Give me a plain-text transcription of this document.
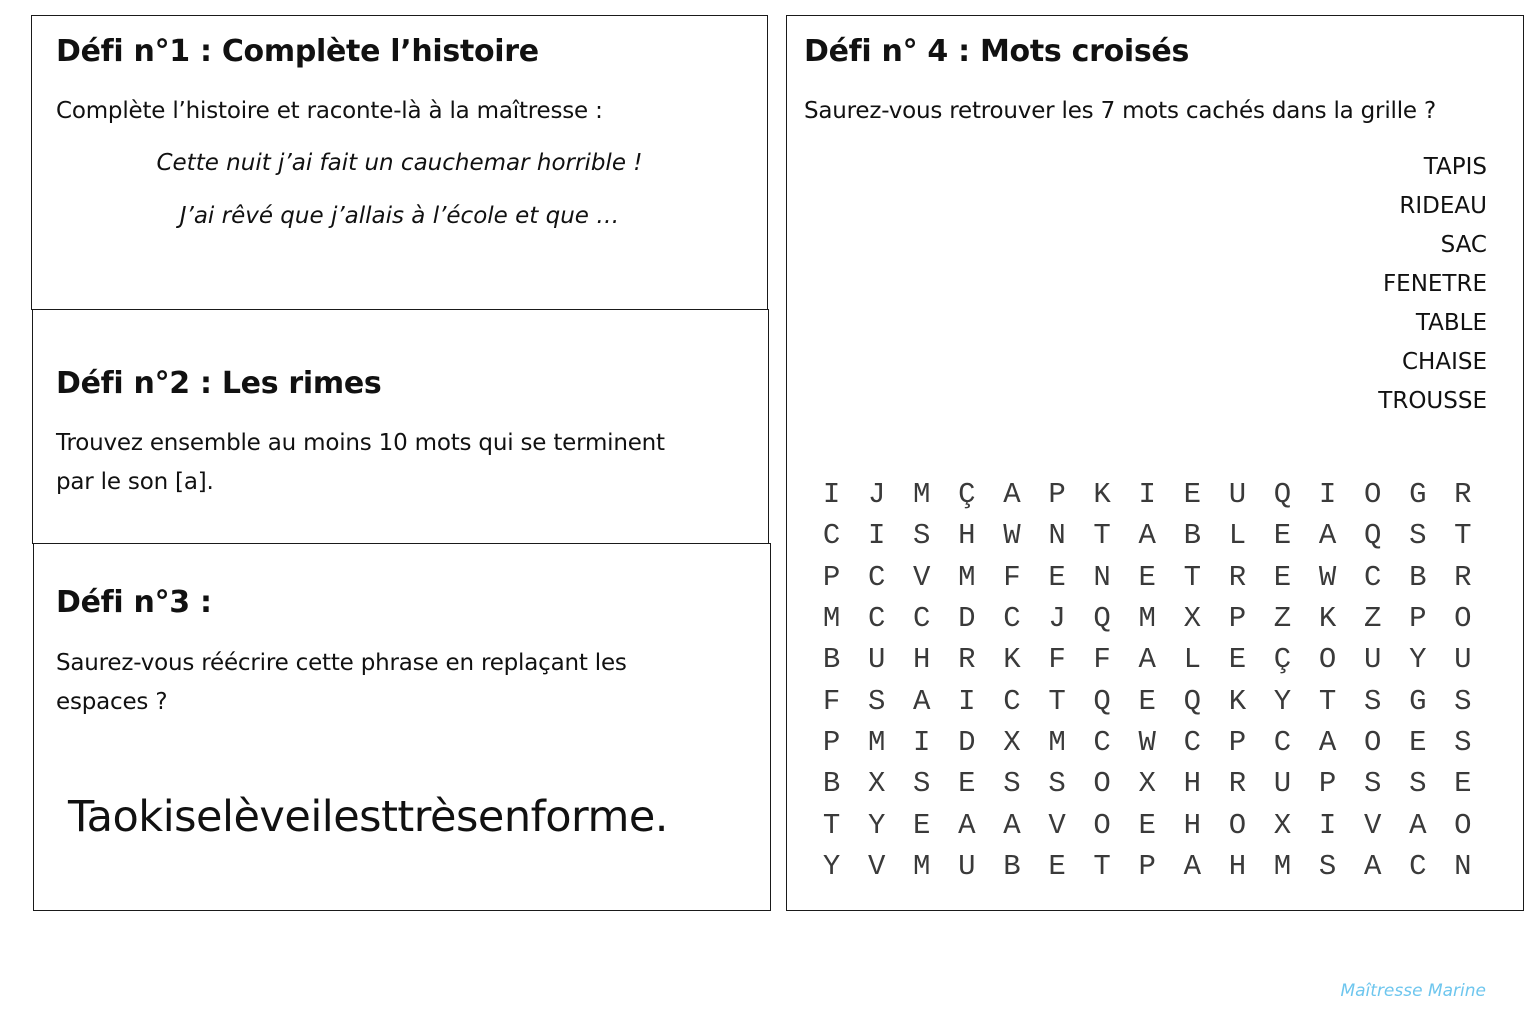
Défi n°1 : Complète l’histoire

Complète l’histoire et raconte-là à la maîtresse :

Cette nuit j’ai fait un cauchemar horrible !

J’ai rêvé que j’allais à l’école et que …

Défi n°2 : Les rimes

Trouvez ensemble au moins 10 mots qui se terminent

par le son [a].

Défi n°3 :

Saurez-vous réécrire cette phrase en replaçant les

espaces ?

Taokiselèveilesttrèsenforme.
Défi n° 4 : Mots croisés

Saurez-vous retrouver les 7 mots cachés dans la grille ?

TAPIS
RIDEAU
SAC
FENETRE
TABLE
CHAISE
TROUSSE
I	J	M	Ç	A	P	K	I	E	U	Q	I	O	G	R
C	I	S	H	W	N	T	A	B	L	E	A	Q	S	T
P	C	V	M	F	E	N	E	T	R	E	W	C	B	R
M	C	C	D	C	J	Q	M	X	P	Z	K	Z	P	O
B	U	H	R	K	F	F	A	L	E	Ç	O	U	Y	U
F	S	A	I	C	T	Q	E	Q	K	Y	T	S	G	S
P	M	I	D	X	M	C	W	C	P	C	A	O	E	S
B	X	S	E	S	S	O	X	H	R	U	P	S	S	E
T	Y	E	A	A	V	O	E	H	O	X	I	V	A	O
Y	V	M	U	B	E	T	P	A	H	M	S	A	C	N
Maîtresse Marine
